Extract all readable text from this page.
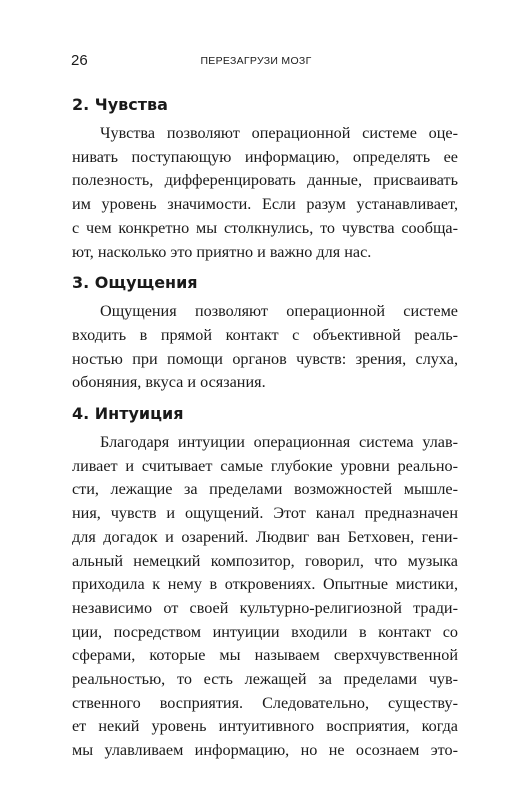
26	ПЕРЕЗАГРУЗИ МОЗГ
2. Чувства

Чувства позволяют операционной системе оце-
нивать поступающую информацию, определять ее
полезность, дифференцировать данные, присваивать
им уровень значимости. Если разум устанавливает,
с чем конкретно мы столкнулись, то чувства сообща-
ют, насколько это приятно и важно для нас.

3. Ощущения

Ощущения позволяют операционной системе
входить в прямой контакт с объективной реаль-
ностью при помощи органов чувств: зрения, слуха,
обоняния, вкуса и осязания.

4. Интуиция

Благодаря интуиции операционная система улав-
ливает и считывает самые глубокие уровни реально-
сти, лежащие за пределами возможностей мышле-
ния, чувств и ощущений. Этот канал предназначен
для догадок и озарений. Людвиг ван Бетховен, гени-
альный немецкий композитор, говорил, что музыка
приходила к нему в откровениях. Опытные мистики,
независимо от своей культурно-религиозной тради-
ции, посредством интуиции входили в контакт со
сферами, которые мы называем сверхчувственной
реальностью, то есть лежащей за пределами чув-
ственного восприятия. Следовательно, существу-
ет некий уровень интуитивного восприятия, когда
мы улавливаем информацию, но не осознаем это-
